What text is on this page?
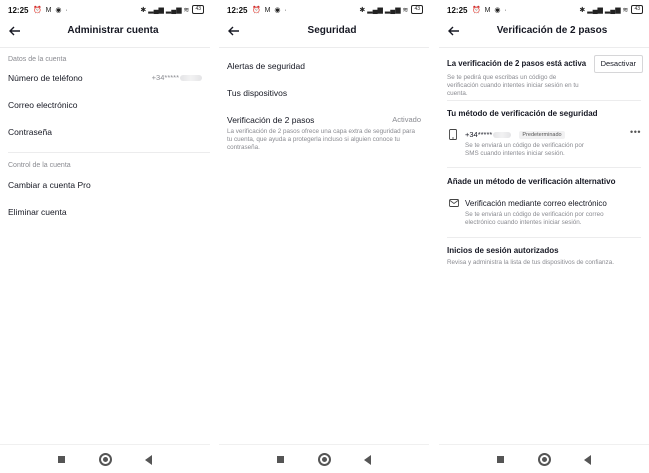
12:25 ⏰ M ◉ ·	✱ ▂▄▆ ▂▄▆ ≋	43
Administrar cuenta
Datos de la cuenta
Número de teléfono	+34*****
Correo electrónico
Contraseña
Control de la cuenta
Cambiar a cuenta Pro
Eliminar cuenta
12:25 ⏰ M ◉ ·	✱ ▂▄▆ ▂▄▆ ≋	43
Seguridad
Alertas de seguridad
Tus dispositivos
Verificación de 2 pasos	Activado
La verificación de 2 pasos ofrece una capa extra de seguridad para tu cuenta, que ayuda a protegerla incluso si alguien conoce tu contraseña.
12:25 ⏰ M ◉ ·	✱ ▂▄▆ ▂▄▆ ≋	43
Verificación de 2 pasos
La verificación de 2 pasos está activa	Desactivar
Se te pedirá que escribas un código de verificación cuando intentes iniciar sesión en tu cuenta.
Tu método de verificación de seguridad
+34*****	Predeterminado	•••
Se te enviará un código de verificación por SMS cuando intentes iniciar sesión.
Añade un método de verificación alternativo
Verificación mediante correo electrónico
Se te enviará un código de verificación por correo electrónico cuando intentes iniciar sesión.
Inicios de sesión autorizados
Revisa y administra la lista de tus dispositivos de confianza.
